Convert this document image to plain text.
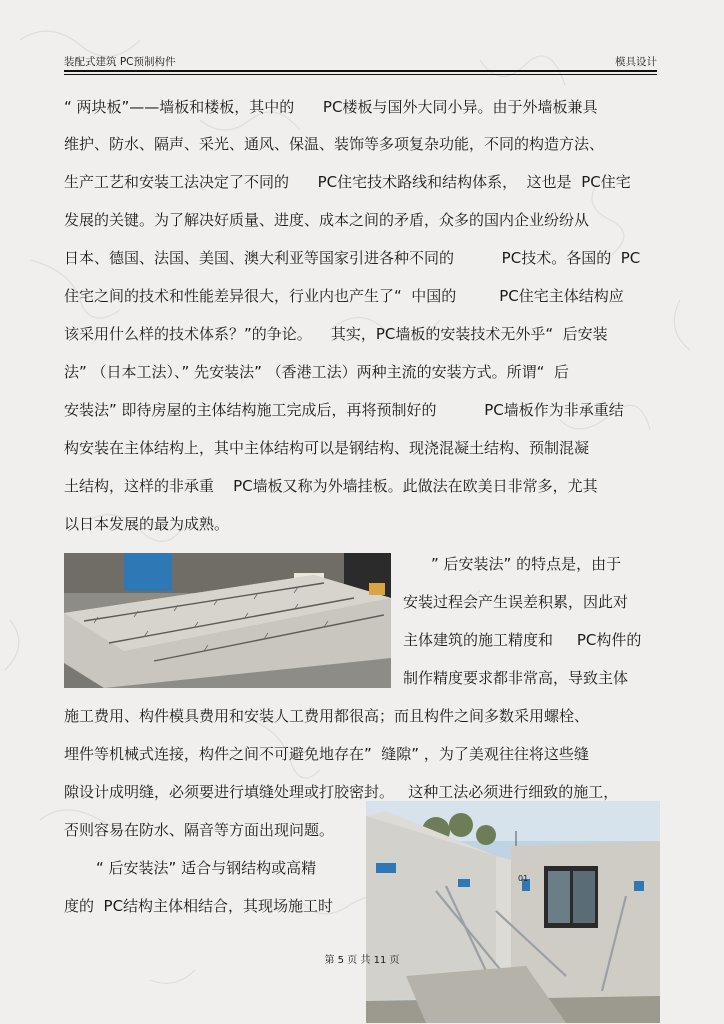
装配式建筑 PC预制构件	模具设计
“ 两块板”——墙板和楼板，其中的      PC楼板与国外大同小异。由于外墙板兼具
维护、防水、隔声、采光、通风、保温、装饰等多项复杂功能，不同的构造方法、
生产工艺和安装工法决定了不同的      PC住宅技术路线和结构体系，  这也是  PC住宅
发展的关键。为了解决好质量、进度、成本之间的矛盾，众多的国内企业纷纷从
日本、德国、法国、美国、澳大利亚等国家引进各种不同的          PC技术。各国的  PC
住宅之间的技术和性能差异很大，行业内也产生了“  中国的         PC住宅主体结构应
该采用什么样的技术体系？”的争论。    其实，PC墙板的安装技术无外乎“  后安装
法” （日本工法）、” 先安装法” （香港工法）两种主流的安装方式。所谓“  后
安装法” 即待房屋的主体结构施工完成后，再将预制好的          PC墙板作为非承重结
构安装在主体结构上，其中主体结构可以是钢结构、现浇混凝土结构、预制混凝
土结构，这样的非承重    PC墙板又称为外墙挂板。此做法在欧美日非常多，尤其
以日本发展的最为成熟。
” 后安装法” 的特点是，由于
安装过程会产生误差积累，因此对
主体建筑的施工精度和     PC构件的
制作精度要求都非常高，导致主体
施工费用、构件模具费用和安装人工费用都很高；而且构件之间多数采用螺栓、
埋件等机械式连接，构件之间不可避免地存在”  缝隙” ，为了美观往往将这些缝
隙设计成明缝，必须要进行填缝处理或打胶密封。   这种工法必须进行细致的施工，
否则容易在防水、隔音等方面出现问题。
“ 后安装法” 适合与钢结构或高精
度的  PC结构主体相结合，其现场施工时
01
第 5 页 共 11 页
